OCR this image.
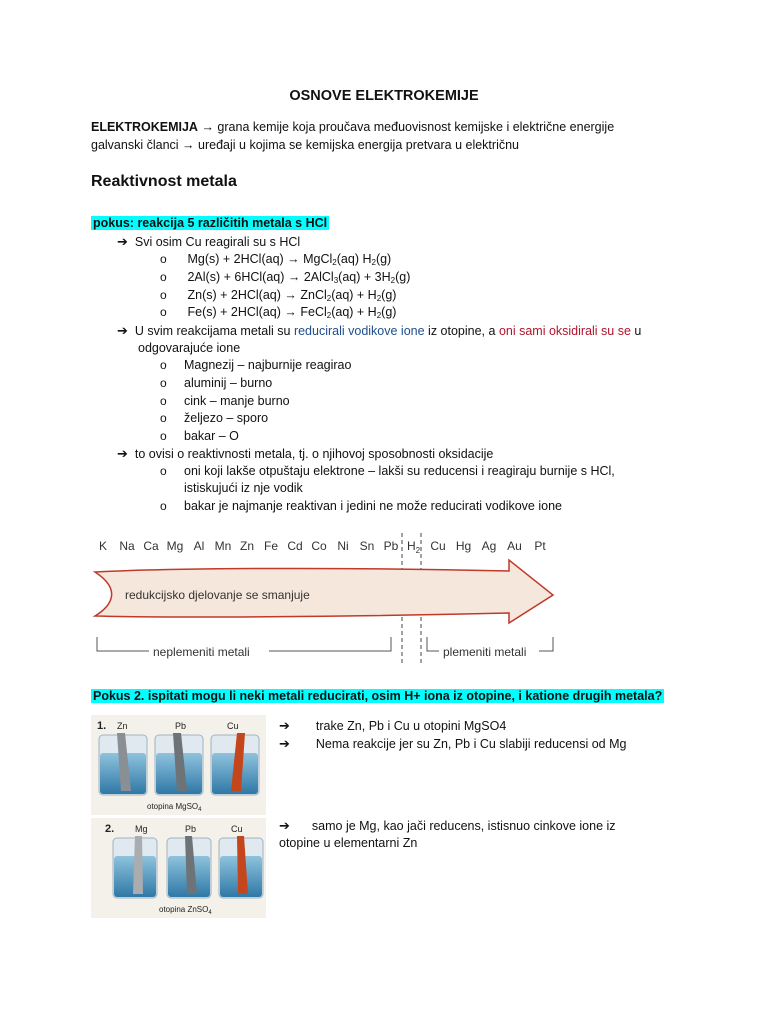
OSNOVE ELEKTROKEMIJE
ELEKTROKEMIJA → grana kemije koja proučava međuovisnost kemijske i električne energije
galvanski članci → uređaji u kojima se kemijska energija pretvara u električnu
Reaktivnost metala
pokus: reakcija 5 različitih metala s HCl
➔ Svi osim Cu reagirali su s HCl
o Mg(s) + 2HCl(aq) → MgCl$_2$(aq) $H_2(g)$
o 2Al(s) + 6HCl(aq) → 2AlCl$_3$(aq) + $3H_2(g)$
o Zn(s) + 2HCl(aq) → ZnCl$_2$(aq) + $H_2(g)$
o Fe(s) + 2HCl(aq) → FeCl$_2$(aq) + $H_2(g)$
➔ U svim reakcijama metali su reducirali vodikove ione iz otopine, a oni sami oksidirali su se u
odgovarajuće ione
o Magnezij – najburnije reagirao
o aluminij – burno
o cink – manje burno
o željezo – sporo
o bakar – O
➔ to ovisi o reaktivnosti metala, tj. o njihovoj sposobnosti oksidacije
o oni koji lakše otpuštaju elektrone – lakši su reducensi i reagiraju burnije s HCl,
istiskujući iz nje vodik
o bakar je najmanje reaktivan i jedini ne može reducirati vodikove ione
K Na Ca Mg Al Mn Zn Fe Cd Co Ni Sn Pb	Cu Hg Ag Au Pt
$H_2$
redukcijsko djelovanje se smanjuje
neplemeniti metali	plemeniti metali
Pokus 2. ispitati mogu li neki metali reducirati, osim H+ iona iz otopine, i katione drugih metala?
1. Zn	Pb	Cu
otopina MgSO$_4$
2. Mg	Pb	Cu
otopina ZnSO$_4$
➔ trake Zn, Pb i Cu u otopini MgSO4
➔ Nema reakcije jer su Zn, Pb i Cu slabiji reducensi od Mg
➔ samo je Mg, kao jači reducens, istisnuo cinkove ione iz
otopine u elementarni Zn
